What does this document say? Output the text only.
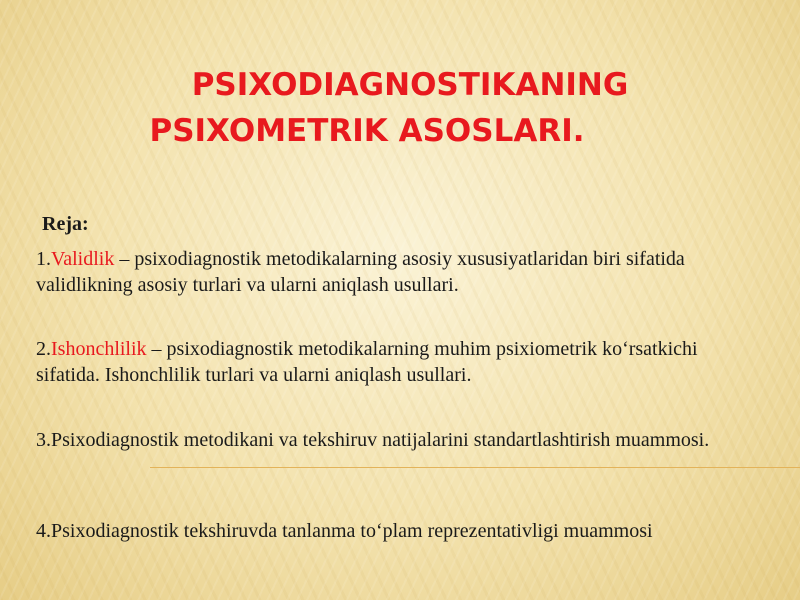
PSIXODIAGNOSTIKANING
PSIXOMETRIK ASOSLARI.
Reja:

1.Validlik – psixodiagnostik metodikalarning asosiy xususiyatlaridan biri sifatida validlikning asosiy turlari va ularni aniqlash usullari.

2.Ishonchlilik – psixodiagnostik metodikalarning muhim psixiometrik ko‘rsatkichi sifatida. Ishonchlilik turlari va ularni aniqlash usullari.

3.Psixodiagnostik metodikani va tekshiruv natijalarini standartlashtirish muammosi.

4.Psixodiagnostik tekshiruvda tanlanma to‘plam reprezentativligi muammosi
